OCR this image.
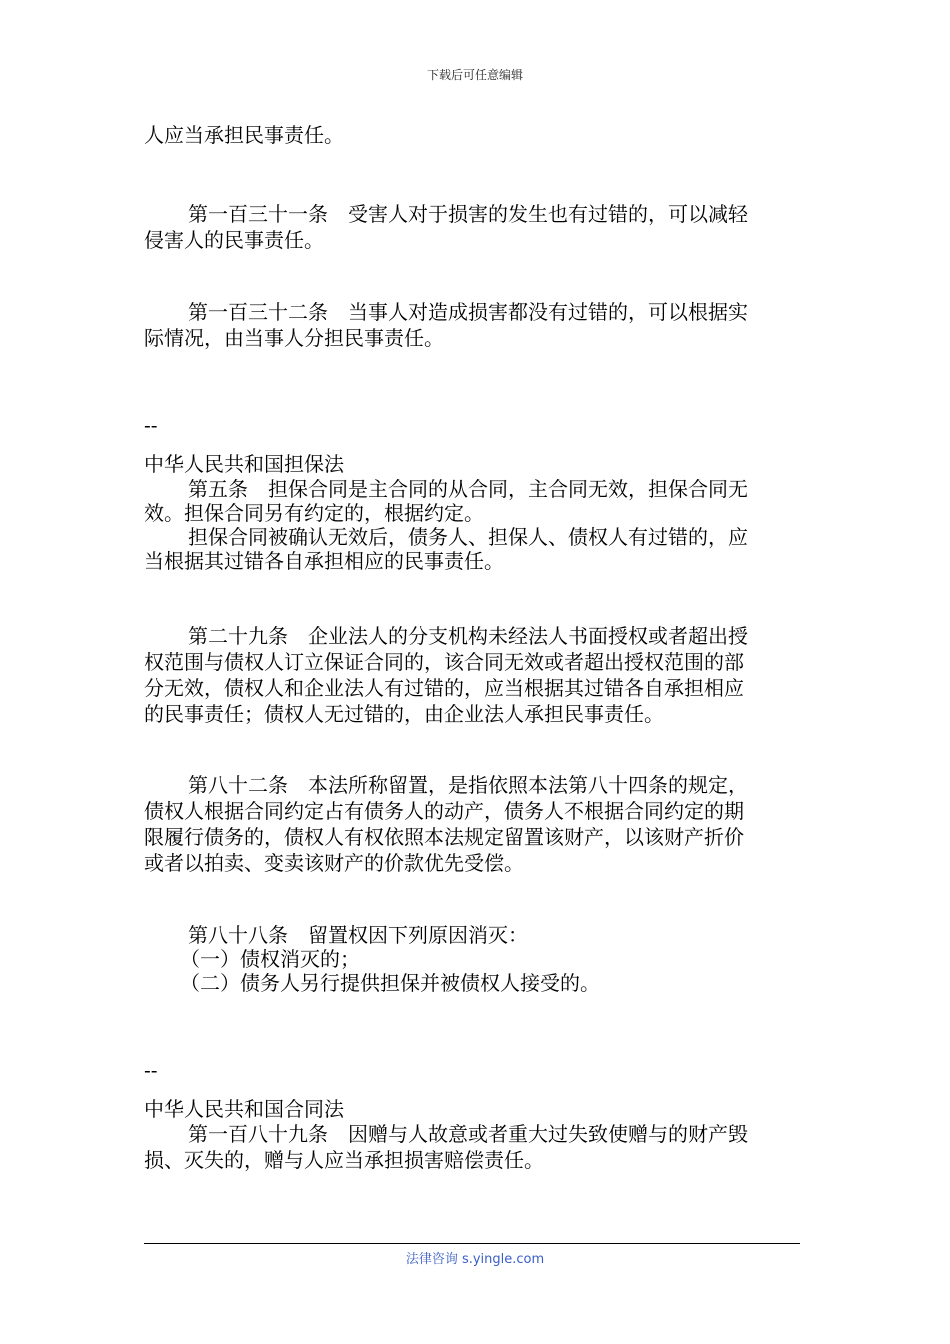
下载后可任意编辑
人应当承担民事责任。
第一百三十一条　受害人对于损害的发生也有过错的，可以减轻
侵害人的民事责任。
第一百三十二条　当事人对造成损害都没有过错的，可以根据实
际情况，由当事人分担民事责任。
--
中华人民共和国担保法
第五条　担保合同是主合同的从合同，主合同无效，担保合同无
效。担保合同另有约定的，根据约定。
担保合同被确认无效后，债务人、担保人、债权人有过错的，应
当根据其过错各自承担相应的民事责任。
第二十九条　企业法人的分支机构未经法人书面授权或者超出授
权范围与债权人订立保证合同的，该合同无效或者超出授权范围的部
分无效，债权人和企业法人有过错的，应当根据其过错各自承担相应
的民事责任；债权人无过错的，由企业法人承担民事责任。
第八十二条　本法所称留置，是指依照本法第八十四条的规定，
债权人根据合同约定占有债务人的动产，债务人不根据合同约定的期
限履行债务的，债权人有权依照本法规定留置该财产，以该财产折价
或者以拍卖、变卖该财产的价款优先受偿。
第八十八条　留置权因下列原因消灭：
（一）债权消灭的；
（二）债务人另行提供担保并被债权人接受的。
--
中华人民共和国合同法
第一百八十九条　因赠与人故意或者重大过失致使赠与的财产毁
损、灭失的，赠与人应当承担损害赔偿责任。
法律咨询 s.yingle.com
